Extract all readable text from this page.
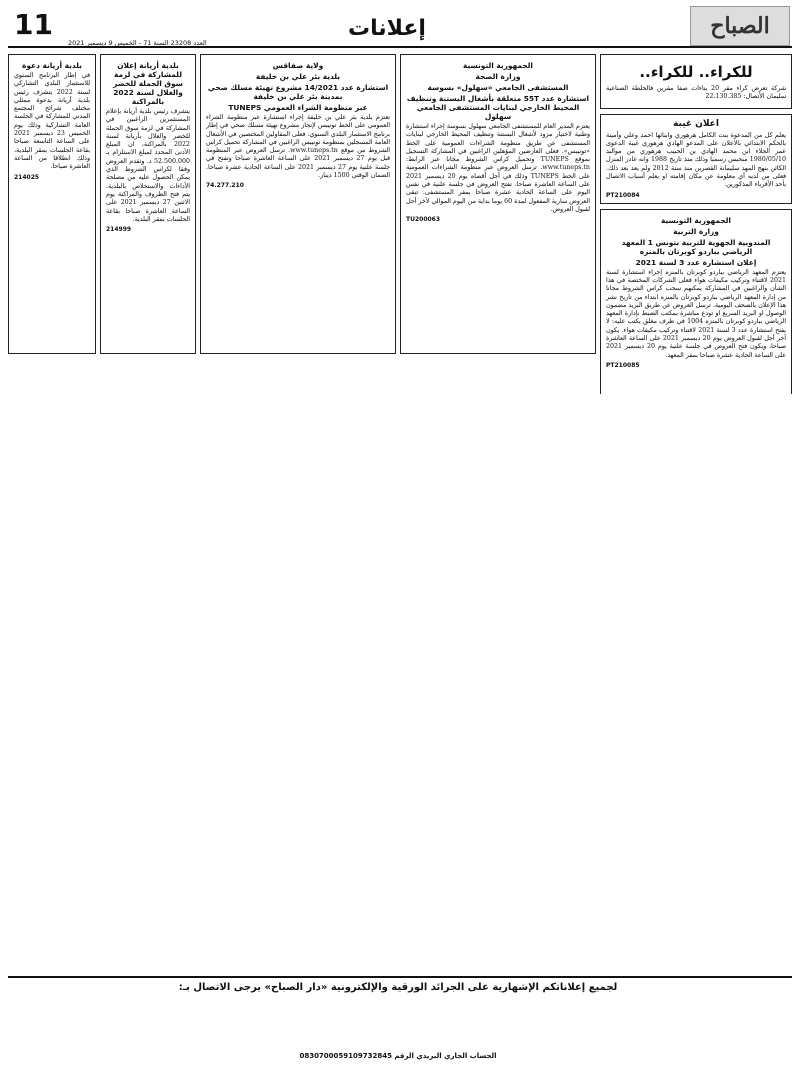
11
العدد 23208 السنة 71 - الخميس 9 ديسمبر 2021
إعلانات	الصباح
للكراء.. للكراء..

شركة تعرض كراء مقر 20 بناءات صفا مقرين فالخلطة الصناعية سليمان الأتصال: 22.130.385

اعلان غيبة

يعلم كل من المدعوة بنت الكامل هرهوري وابنائها احمد وعلي وأمينة بالحكم الابتدائي بالاعلان على المدعو الهادي هرهوري غيبة الدعوى عمر الجلاء ابن محمد الهادي بن الحبيب هرهوري من مواليد 1980/05/10 منحبس رسميا وذلك منذ تاريخ 1988 وانه غادر المنزل الكائن بنهج المهد سليمانة القصرين منذ سنة 2012 ولم يعد بعد ذلك. فعلى من لديه أي معلومة عن مكان إقامته او يعلم أسباب الاتصال بأحد الأقرباء المذكورين.

PT210084
الجمهورية التونسية
وزارة التربية
المندوبية الجهوية للتربية بتونس 1 المعهد الرياضي بباردو كوبرتان بالمنزه
إعلان استشارة عدد 3 لسنة 2021

يعتزم المعهد الرياضي بباردو كوبرتان بالمنزه إجراء استشارة لسنة 2021 لاقتناء وتركيب مكيفات هواء فعلى الشركات المختصة في هذا الشأن والراغبين في المشاركة يمكنهم سحب كراس الشروط مجانا من إدارة المعهد الرياضي بباردو كوبرتان بالمنزه ابتداء من تاريخ نشر هذا الإعلان بالصحف اليومية. ترسل العروض عن طريق البريد مضمون الوصول او البريد السريع او تودع مباشرة بمكتب الضبط بإدارة المعهد الرياضي بباردو كوبرتان بالمنزه 1004 في ظرف مغلق يكتب عليه: لا يفتح استشارة عدد 3 لسنة 2021 لاقتناء وتركيب مكيفات هواء. يكون آخر أجل لقبول العروض يوم 20 ديسمبر 2021 على الساعة العاشرة صباحا، ويكون فتح العروض في جلسة علنية يوم 20 ديسمبر 2021 على الساعة الحادية عشرة صباحا بمقر المعهد.

PT210085
الجمهورية التونسية
وزارة الصحة
المستشفى الجامعي «سهلول» بسوسة
استشارة عدد 55T متعلقة بأشغال البستنة وتنظيف المحيط الخارجي لبنايات المستشفى الجامعي سهلول

يعتزم المدير العام للمستشفى الجامعي سهلول بسوسة إجراء استشارة وطنية لاختيار مزود لأشغال البستنة وتنظيف المحيط الخارجي لبنايات المستشفى عن طريق منظومة الشراءات العمومية على الخط «تونيبس». فعلى العارضين المؤهلين الراغبين في المشاركة التسجيل بموقع TUNEPS وتحميل كراس الشروط مجانا عبر الرابط: www.tuneps.tn. ترسل العروض عبر منظومة الشراءات العمومية على الخط TUNEPS وذلك في أجل أقصاه يوم 20 ديسمبر 2021 على الساعة العاشرة صباحا. تفتح العروض في جلسة علنية في نفس اليوم على الساعة الحادية عشرة صباحا بمقر المستشفى. تبقى العروض سارية المفعول لمدة 60 يوما بداية من اليوم الموالي لآخر أجل لقبول العروض.

TU200063
ولاية صفاقس
بلدية بئر علي بن خليفة
استشارة عدد 14/2021 مشروع تهيئة مسلك صحي بمدينة بئر علي بن خليفة
عبر منظومة الشراء العمومي TUNEPS

تعتزم بلدية بئر علي بن خليفة إجراء استشارة عبر منظومة الشراء العمومي على الخط تونيبس لإنجاز مشروع تهيئة مسلك صحي في إطار برنامج الاستثمار البلدي السنوي. فعلى المقاولين المختصين في الأشغال العامة المسجلين بمنظومة تونيبس الراغبين في المشاركة تحميل كراس الشروط من موقع www.tuneps.tn. ترسل العروض عبر المنظومة قبل يوم 27 ديسمبر 2021 على الساعة العاشرة صباحا وتفتح في جلسة علنية يوم 27 ديسمبر 2021 على الساعة الحادية عشرة صباحا. الضمان الوقتي 1500 دينار.

74.277.210
بلدية أريانة إعلان للمشاركة في لزمة سوق الجملة للخضر والغلال لسنة 2022 بالمراكنة

يتشرف رئيس بلدية أريانة بإعلام المستثمرين الراغبين في المشاركة في لزمة سوق الجملة للخضر والغلال بأريانة لسنة 2022 بالمراكنة، ان المبلغ الأدنى المحدد لمبلغ الاستلزام بـ 52.500.000 د. وتقدم العروض وفقا لكراس الشروط الذي يمكن الحصول عليه من مصلحة الأداءات والاستخلاص بالبلدية. يتم فتح الظروف والمراكنة يوم الاثنين 27 ديسمبر 2021 على الساعة العاشرة صباحا بقاعة الجلسات بمقر البلدية.

214999
بلدية أريانة دعوة

في إطار البرنامج السنوي للاستثمار البلدي التشاركي لسنة 2022 يتشرف رئيس بلدية أريانة بدعوة ممثلي مختلف شرائح المجتمع المدني للمشاركة في الجلسة العامة التشاركية وذلك يوم الخميس 23 ديسمبر 2021 على الساعة التاسعة صباحا بقاعة الجلسات بمقر البلدية، وذلك انطلاقا من الساعة العاشرة صباحا.

214025
لجميع إعلاناتكم الإشهارية على الجرائد الورقية والإلكترونية «دار الصباح» يرجى الاتصال بـ:
الحساب الجاري البريدي الرقم 0830700059109732845
